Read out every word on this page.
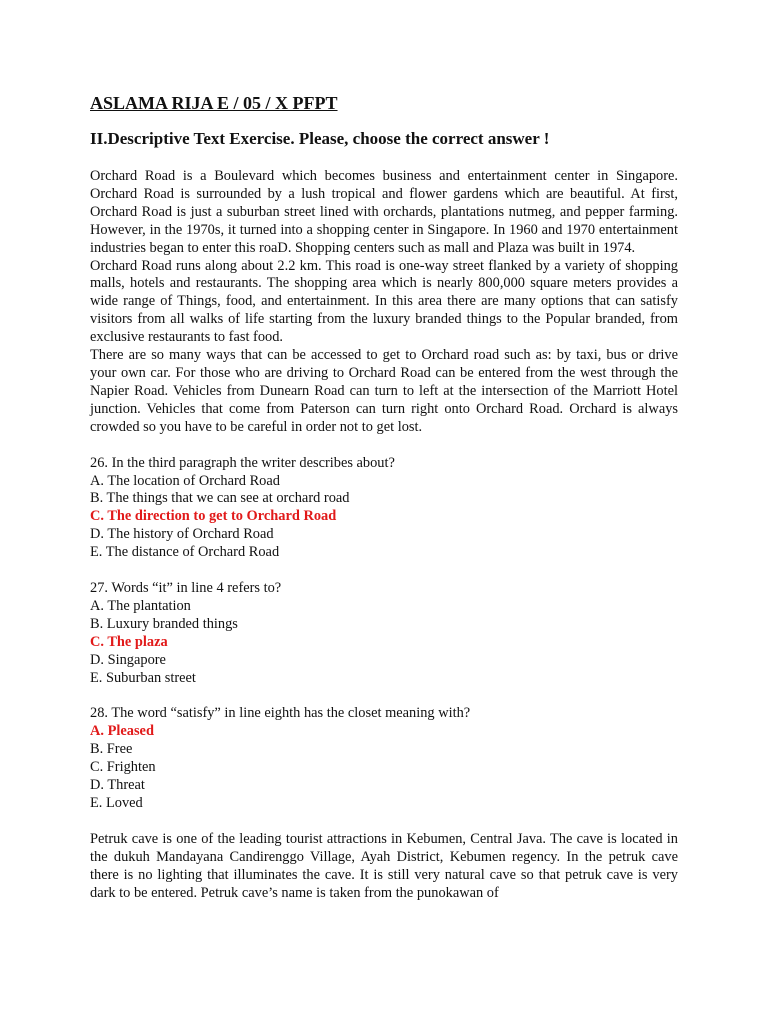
ASLAMA RIJA E / 05 / X PFPT
II.Descriptive Text Exercise. Please, choose the correct answer !

Orchard Road is a Boulevard which becomes business and entertainment center in Singapore. Orchard Road is surrounded by a lush tropical and flower gardens which are beautiful. At first, Orchard Road is just a suburban street lined with orchards, plantations nutmeg, and pepper farming. However, in the 1970s, it turned into a shopping center in Singapore. In 1960 and 1970 entertainment industries began to enter this roaD. Shopping centers such as mall and Plaza was built in 1974.

Orchard Road runs along about 2.2 km. This road is one-way street flanked by a variety of shopping malls, hotels and restaurants. The shopping area which is nearly 800,000 square meters provides a wide range of Things, food, and entertainment. In this area there are many options that can satisfy visitors from all walks of life starting from the luxury branded things to the Popular branded, from exclusive restaurants to fast food.

There are so many ways that can be accessed to get to Orchard road such as: by taxi, bus or drive your own car. For those who are driving to Orchard Road can be entered from the west through the Napier Road. Vehicles from Dunearn Road can turn to left at the intersection of the Marriott Hotel junction. Vehicles that come from Paterson can turn right onto Orchard Road. Orchard is always crowded so you have to be careful in order not to get lost.

26. In the third paragraph the writer describes about?

A. The location of Orchard Road

B. The things that we can see at orchard road

C. The direction to get to Orchard Road

D. The history of Orchard Road

E. The distance of Orchard Road

27. Words “it” in line 4 refers to?

A. The plantation

B. Luxury branded things

C. The plaza

D. Singapore

E. Suburban street

28. The word “satisfy” in line eighth has the closet meaning with?

A. Pleased

B. Free

C. Frighten

D. Threat

E. Loved

Petruk cave is one of the leading tourist attractions in Kebumen, Central Java. The cave is located in the dukuh Mandayana Candirenggo Village, Ayah District, Kebumen regency. In the petruk cave there is no lighting that illuminates the cave. It is still very natural cave so that petruk cave is very dark to be entered. Petruk cave’s name is taken from the punokawan of
